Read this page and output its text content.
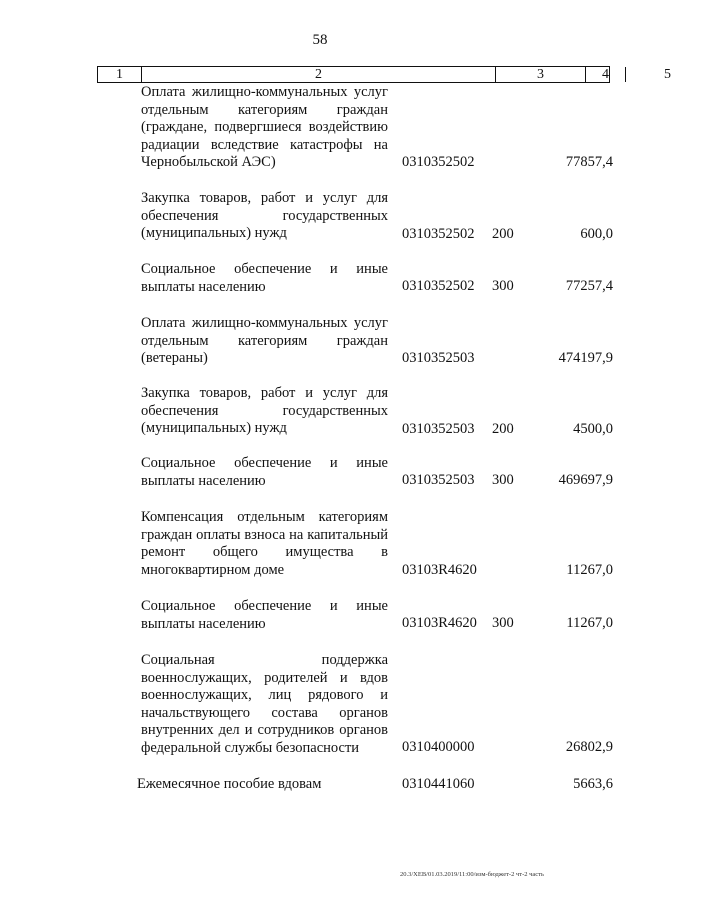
58
1	2	3	4	5
Оплата жилищно-коммунальных услуг отдельным категориям граждан (граждане, подвергшиеся воздействию радиации вследствие катастрофы на Чернобыльской АЭС)	0310352502	77857,4
Закупка товаров, работ и услуг для обеспечения государственных (муниципальных) нужд	0310352502 200	600,0
Социальное обеспечение и иные выплаты населению	0310352502 300	77257,4
Оплата жилищно-коммунальных услуг отдельным категориям граждан (ветераны)	0310352503	474197,9
Закупка товаров, работ и услуг для обеспечения государственных (муниципальных) нужд	0310352503 200	4500,0
Социальное обеспечение и иные выплаты населению	0310352503 300	469697,9
Компенсация отдельным категориям граждан оплаты взноса на капитальный ремонт общего имущества в многоквартирном доме	03103R4620	11267,0
Социальное обеспечение и иные выплаты населению	03103R4620 300	11267,0
Социальная поддержка военнослужащих, родителей и вдов военнослужащих, лиц рядового и начальствующего состава органов внутренних дел и сотрудников органов федеральной службы безопасности	0310400000	26802,9
Ежемесячное пособие вдовам	0310441060	5663,6
20.3/ХЕВ/01.03.2019/11:00/изм-бюджет-2 чт-2 часть
